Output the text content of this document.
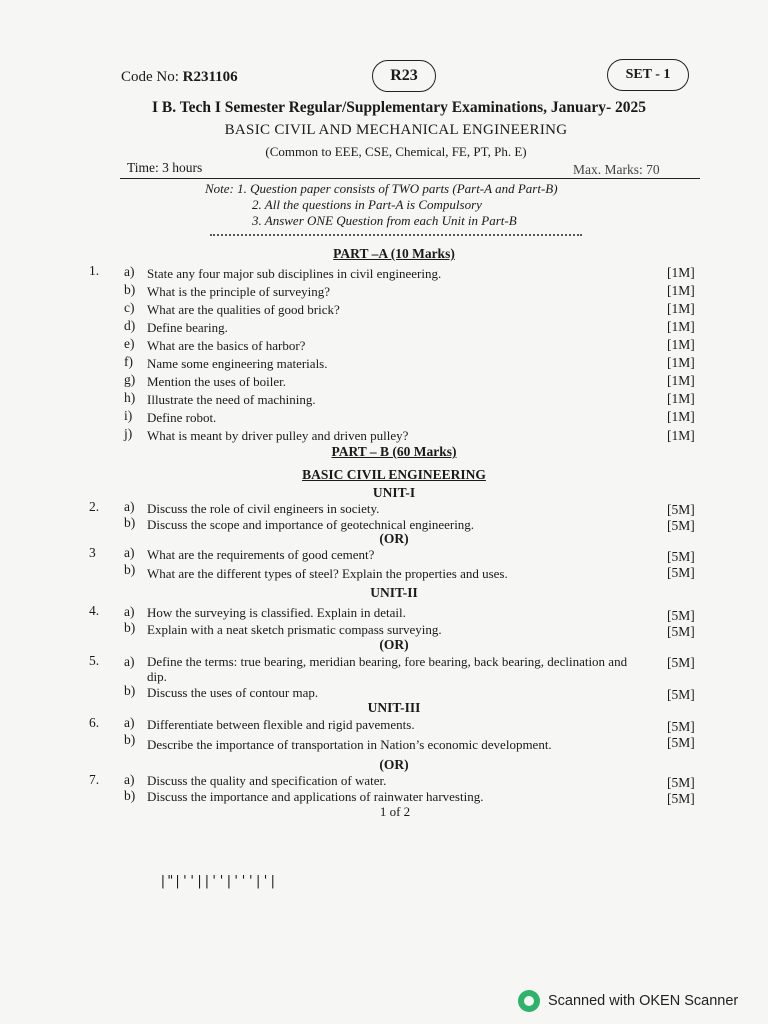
Code No: R231106	R23	SET - 1
I B. Tech I Semester Regular/Supplementary Examinations, January- 2025
BASIC CIVIL AND MECHANICAL ENGINEERING
(Common to EEE, CSE, Chemical, FE, PT, Ph. E)
Time: 3 hours	Max. Marks: 70
Note: 1. Question paper consists of TWO parts (Part-A and Part-B)
2. All the questions in Part-A is Compulsory
3. Answer ONE Question from each Unit in Part-B
PART –A (10 Marks)
1. a) State any four major sub disciplines in civil engineering.	[1M]
b) What is the principle of surveying?	[1M]
c) What are the qualities of good brick?	[1M]
d) Define bearing.	[1M]
e) What are the basics of harbor?	[1M]
f) Name some engineering materials.	[1M]
g) Mention the uses of boiler.	[1M]
h) Illustrate the need of machining.	[1M]
i) Define robot.	[1M]
j) What is meant by driver pulley and driven pulley?	[1M]
PART – B (60 Marks)
BASIC CIVIL ENGINEERING
UNIT-I
2. a) Discuss the role of civil engineers in society.	[5M]
b) Discuss the scope and importance of geotechnical engineering.	[5M]
(OR)
3 a) What are the requirements of good cement?	[5M]
b) What are the different types of steel? Explain the properties and uses.	[5M]
UNIT-II
4. a) How the surveying is classified. Explain in detail.	[5M]
b) Explain with a neat sketch prismatic compass surveying.	[5M]
(OR)
5. a) Define the terms: true bearing, meridian bearing, fore bearing, back bearing, declination and dip.
[5M]
b) Discuss the uses of contour map.	[5M]
UNIT-III
6. a) Differentiate between flexible and rigid pavements.	[5M]
b) Describe the importance of transportation in Nation’s economic development.	[5M]
(OR)
7. a) Discuss the quality and specification of water.	[5M]
b) Discuss the importance and applications of rainwater harvesting.	[5M]
1 of 2
|"|''||''|'''|'|
Scanned with OKEN Scanner
